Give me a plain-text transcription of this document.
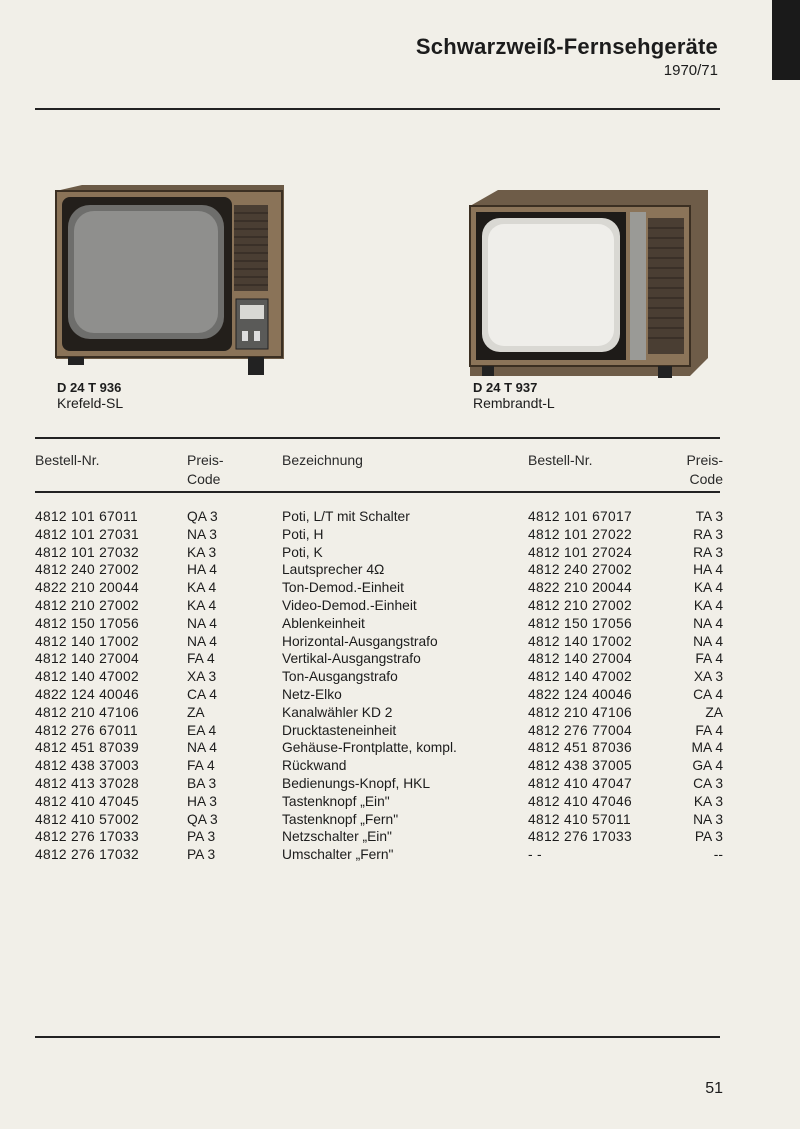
Schwarzweiß-Fernsehgeräte
1970/71
D 24 T 936
Krefeld-SL
D 24 T 937
Rembrandt-L
Bestell-Nr.	Preis-
Code
Bezeichnung	Bestell-Nr.	Preis-
Code
4812 101 67011	QA 3	Poti, L/T mit Schalter	4812 101 67017	TA 3
4812 101 27031	NA 3	Poti, H	4812 101 27022	RA 3
4812 101 27032	KA 3	Poti, K	4812 101 27024	RA 3
4812 240 27002	HA 4	Lautsprecher 4Ω	4812 240 27002	HA 4
4822 210 20044	KA 4	Ton-Demod.-Einheit	4822 210 20044	KA 4
4812 210 27002	KA 4	Video-Demod.-Einheit	4812 210 27002	KA 4
4812 150 17056	NA 4	Ablenkeinheit	4812 150 17056	NA 4
4812 140 17002	NA 4	Horizontal-Ausgangstrafo	4812 140 17002	NA 4
4812 140 27004	FA 4	Vertikal-Ausgangstrafo	4812 140 27004	FA 4
4812 140 47002	XA 3	Ton-Ausgangstrafo	4812 140 47002	XA 3
4822 124 40046	CA 4	Netz-Elko	4822 124 40046	CA 4
4812 210 47106	ZA	Kanalwähler KD 2	4812 210 47106	ZA
4812 276 67011	EA 4	Drucktasteneinheit	4812 276 77004	FA 4
4812 451 87039	NA 4	Gehäuse-Frontplatte, kompl.	4812 451 87036	MA 4
4812 438 37003	FA 4	Rückwand	4812 438 37005	GA 4
4812 413 37028	BA 3	Bedienungs-Knopf, HKL	4812 410 47047	CA 3
4812 410 47045	HA 3	Tastenknopf „Ein"	4812 410 47046	KA 3
4812 410 57002	QA 3	Tastenknopf „Fern"	4812 410 57011	NA 3
4812 276 17033	PA 3	Netzschalter „Ein"	4812 276 17033	PA 3
4812 276 17032	PA 3	Umschalter „Fern"	- -	--
51
